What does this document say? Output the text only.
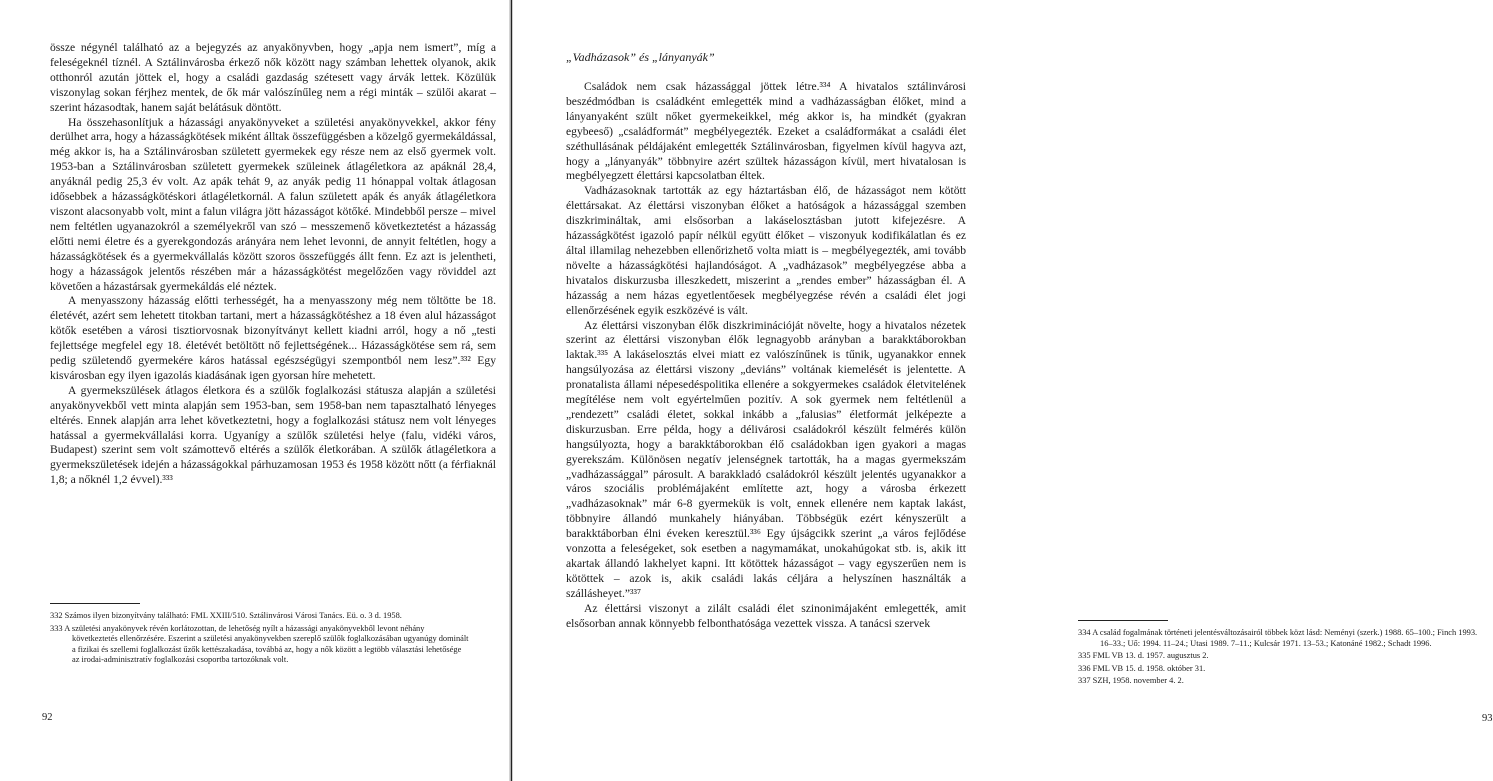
össze négynél található az a bejegyzés az anyakönyvben, hogy „apja nem ismert”, míg a feleségeknél tíznél. A Sztálinvárosba érkező nők között nagy számban lehettek olyanok, akik otthonról azután jöttek el, hogy a családi gazdaság szétesett vagy árvák lettek. Közülük viszonylag sokan férjhez mentek, de ők már valószínűleg nem a régi minták – szülői akarat – szerint házasodtak, hanem saját belátásuk döntött.

Ha összehasonlítjuk a házassági anyakönyveket a születési anyakönyvekkel, akkor fény derülhet arra, hogy a házasságkötések miként álltak összefüggésben a közelgő gyermekáldással, még akkor is, ha a Sztálinvárosban született gyermekek egy része nem az első gyermek volt. 1953-ban a Sztálinvárosban született gyermekek szüleinek átlagéletkora az apáknál 28,4, anyáknál pedig 25,3 év volt. Az apák tehát 9, az anyák pedig 11 hónappal voltak átlagosan idősebbek a házasságkötéskori átlagéletkornál. A falun született apák és anyák átlagéletkora viszont alacsonyabb volt, mint a falun világra jött házasságot kötőké. Mindebből persze – mivel nem feltétlen ugyanazokról a személyekről van szó – messzemenő következtetést a házasság előtti nemi életre és a gyerekgondozás arányára nem lehet levonni, de annyit feltétlen, hogy a házasságkötések és a gyermekvállalás között szoros összefüggés állt fenn. Ez azt is jelentheti, hogy a házasságok jelentős részében már a házasságkötést megelőzően vagy röviddel azt követően a házastársak gyermekáldás elé néztek.

A menyasszony házasság előtti terhességét, ha a menyasszony még nem töltötte be 18. életévét, azért sem lehetett titokban tartani, mert a házasságkötéshez a 18 éven alul házasságot kötők esetében a városi tisztiorvosnak bizonyítványt kellett kiadni arról, hogy a nő „testi fejlettsége megfelel egy 18. életévét betöltött nő fejlettségének... Házasságkötése sem rá, sem pedig születendő gyermekére káros hatással egészségügyi szempontból nem lesz”.³³² Egy kisvárosban egy ilyen igazolás kiadásának igen gyorsan híre mehetett.

A gyermekszülések átlagos életkora és a szülők foglalkozási státusza alapján a születési anyakönyvekből vett minta alapján sem 1953-ban, sem 1958-ban nem tapasztalható lényeges eltérés. Ennek alapján arra lehet következtetni, hogy a foglalkozási státusz nem volt lényeges hatással a gyermekvállalási korra. Ugyanígy a szülők születési helye (falu, vidéki város, Budapest) szerint sem volt számottevő eltérés a szülők életkorában. A szülők átlagéletkora a gyermekszületések idején a házasságokkal párhuzamosan 1953 és 1958 között nőtt (a férfiaknál 1,8; a nőknél 1,2 évvel).³³³

332 Számos ilyen bizonyítvány található: FML XXIII/510. Sztálinvárosi Városi Tanács. Eü. o. 3 d. 1958.

333 A születési anyakönyvek révén korlátozottan, de lehetőség nyílt a házassági anyakönyvekből levont néhány következtetés ellenőrzésére. Eszerint a születési anyakönyvekben szereplő szülők foglalkozásában ugyanúgy dominált a fizikai és szellemi foglalkozást űzők kettészakadása, továbbá az, hogy a nők között a legtöbb választási lehetősége az irodai-adminisztratív foglalkozási csoportba tartozóknak volt.

92

Családok nem csak házassággal jöttek létre.³³⁴ A hivatalos sztálinvárosi beszédmódban is családként emlegették mind a vadházasságban élőket, mind a lányanyaként szült nőket gyermekeikkel, még akkor is, ha mindkét (gyakran egybeeső) „családformát” megbélyegezték. Ezeket a családformákat a családi élet széthullásának példájaként emlegették Sztálinvárosban, figyelmen kívül hagyva azt, hogy a „lányanyák” többnyire azért szültek házasságon kívül, mert hivatalosan is megbélyegzett élettársi kapcsolatban éltek.

Vadházasoknak tartották az egy háztartásban élő, de házasságot nem kötött élettársakat. Az élettársi viszonyban élőket a hatóságok a házassággal szemben diszkrimináltak, ami elsősorban a lakáselosztásban jutott kifejezésre. A házasságkötést igazoló papír nélkül együtt élőket – viszonyuk kodifikálatlan és ez által illamilag nehezebben ellenőrizhető volta miatt is – megbélyegezték, ami tovább növelte a házasságkötési hajlandóságot. A „vadházasok” megbélyegzése abba a hivatalos diskurzusba illeszkedett, miszerint a „rendes ember” házasságban él. A házasság a nem házas egyetlentőesek megbélyegzése révén a családi élet jogi ellenőrzésének egyik eszközévé is vált.

Az élettársi viszonyban élők diszkriminációját növelte, hogy a hivatalos nézetek szerint az élettársi viszonyban élők legnagyobb arányban a barakktáborokban laktak.³³⁵ A lakáselosztás elvei miatt ez valószínűnek is tűnik, ugyanakkor ennek hangsúlyozása az élettársi viszony „deviáns” voltának kiemelését is jelentette. A pronatalista állami népesedéspolitika ellenére a sokgyermekes családok életvitelének megítélése nem volt egyértelműen pozitív. A sok gyermek nem feltétlenül a „rendezett” családi életet, sokkal inkább a „falusias” életformát jelképezte a diskurzusban. Erre példa, hogy a délivárosi családokról készült felmérés külön hangsúlyozta, hogy a barakktáborokban élő családokban igen gyakori a magas gyerekszám. Különösen negatív jelenségnek tartották, ha a magas gyermekszám „vadházassággal” párosult. A barakkladó családokról készült jelentés ugyanakkor a város szociális problémájaként említette azt, hogy a városba érkezett „vadházasoknak” már 6-8 gyermekük is volt, ennek ellenére nem kaptak lakást, többnyire állandó munkahely hiányában. Többségük ezért kényszerült a barakktáborban élni éveken keresztül.³³⁶ Egy újságcikk szerint „a város fejlődése vonzotta a feleségeket, sok esetben a nagymamákat, unokahúgokat stb. is, akik itt akartak állandó lakhelyet kapni. Itt kötöttek házasságot – vagy egyszerűen nem is kötöttek – azok is, akik családi lakás céljára a helyszínen használták a szállásheyet.”³³⁷

Az élettársi viszonyt a zilált családi élet szinonimájaként emlegették, amit elsősorban annak könnyebb felbonthatósága vezettek vissza. A tanácsi szervek

334 A család fogalmának történeti jelentésváltozásairól többek közt lásd: Neményi (szerk.) 1988. 65–100.; Finch 1993. 16–33.; Uő: 1994. 11–24.; Utasi 1989. 7–11.; Kulcsár 1971. 13–53.; Katonáné 1982.; Schadt 1996.

335 FML VB 13. d. 1957. augusztus 2.

336 FML VB 15. d. 1958. október 31.

337 SZH, 1958. november 4. 2.

93
„Vadházasok” és „lányanyák”
